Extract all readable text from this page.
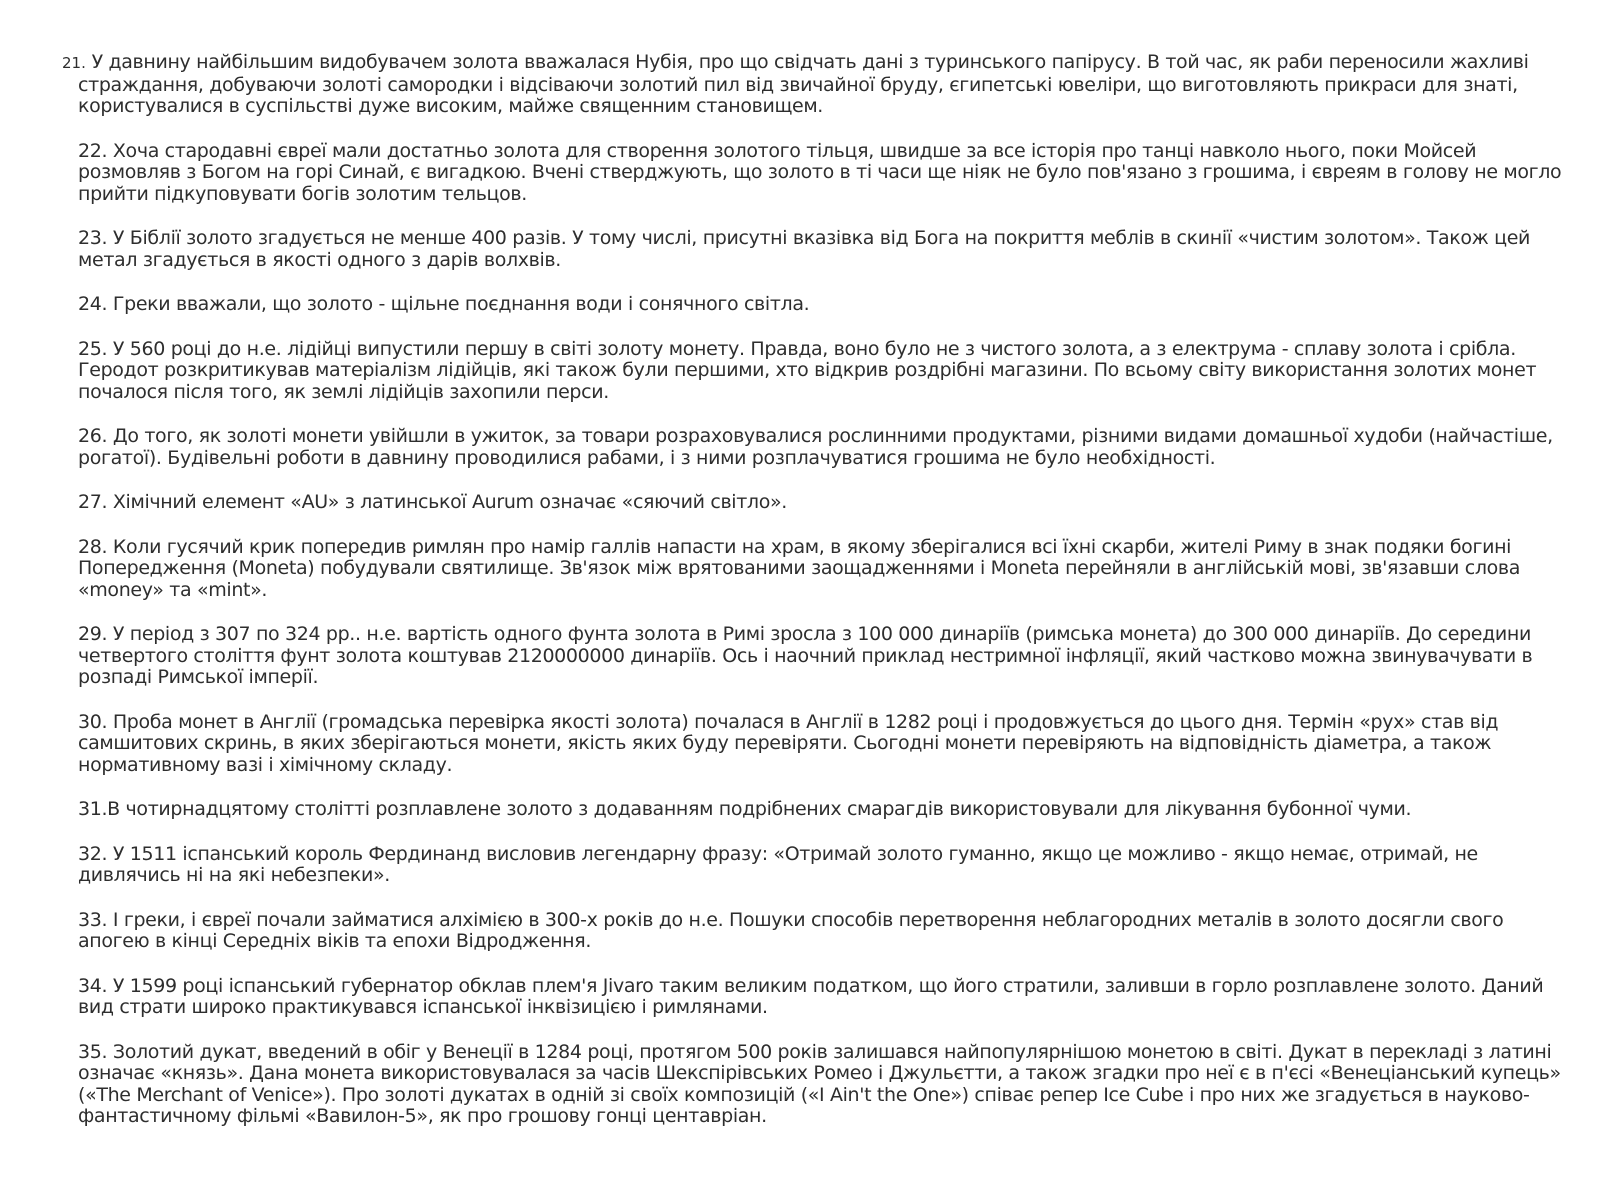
21. У давнину найбільшим видобувачем золота вважалася Нубія, про що свідчать дані з туринського папірусу. В той час, як раби переносили жахливі страждання, добуваючи золоті самородки і відсіваючи золотий пил від звичайної бруду, єгипетські ювеліри, що виготовляють прикраси для знаті, користувалися в суспільстві дуже високим, майже священним становищем.

22. Хоча стародавні євреї мали достатньо золота для створення золотого тільця, швидше за все історія про танці навколо нього, поки Мойсей розмовляв з Богом на горі Синай, є вигадкою. Вчені стверджують, що золото в ті часи ще ніяк не було пов'язано з грошима, і євреям в голову не могло прийти підкуповувати богів золотим тельцов.

23. У Біблії золото згадується не менше 400 разів. У тому числі, присутні вказівка від Бога на покриття меблів в скинії «чистим золотом». Також цей метал згадується в якості одного з дарів волхвів.

24. Греки вважали, що золото - щільне поєднання води і сонячного світла.

25. У 560 році до н.е. лідійці випустили першу в світі золоту монету. Правда, воно було не з чистого золота, а з електрума - сплаву золота і срібла. Геродот розкритикував матеріалізм лідійців, які також були першими, хто відкрив роздрібні магазини. По всьому світу використання золотих монет почалося після того, як землі лідійців захопили перси.

26. До того, як золоті монети увійшли в ужиток, за товари розраховувалися рослинними продуктами, різними видами домашньої худоби (найчастіше, рогатої). Будівельні роботи в давнину проводилися рабами, і з ними розплачуватися грошима не було необхідності.

27. Хімічний елемент «AU» з латинської Aurum означає «сяючий світло».

28. Коли гусячий крик попередив римлян про намір галлів напасти на храм, в якому зберігалися всі їхні скарби, жителі Риму в знак подяки богині Попередження (Moneta) побудували святилище. Зв'язок між врятованими заощадженнями і Moneta перейняли в англійській мові, зв'язавши слова «money» та «mint».

29. У період з 307 по 324 рр.. н.е. вартість одного фунта золота в Римі зросла з 100 000 динаріїв (римська монета) до 300 000 динаріїв. До середини четвертого століття фунт золота коштував 2120000000 динаріїв. Ось і наочний приклад нестримної інфляції, який частково можна звинувачувати в розпаді Римської імперії.

30. Проба монет в Англії (громадська перевірка якості золота) почалася в Англії в 1282 році і продовжується до цього дня. Термін «рух» став від самшитових скринь, в яких зберігаються монети, якість яких буду перевіряти. Сьогодні монети перевіряють на відповідність діаметра, а також нормативному вазі і хімічному складу.

31.В чотирнадцятому столітті розплавлене золото з додаванням подрібнених смарагдів використовували для лікування бубонної чуми.

32. У 1511 іспанський король Фердинанд висловив легендарну фразу: «Отримай золото гуманно, якщо це можливо - якщо немає, отримай, не дивлячись ні на які небезпеки».

33. І греки, і євреї почали займатися алхімією в 300-х років до н.е. Пошуки способів перетворення неблагородних металів в золото досягли свого апогею в кінці Середніх віків та епохи Відродження.

34. У 1599 році іспанський губернатор обклав плем'я Jivaro таким великим податком, що його стратили, заливши в горло розплавлене золото. Даний вид страти широко практикувався іспанської інквізицією і римлянами.

35. Золотий дукат, введений в обіг у Венеції в 1284 році, протягом 500 років залишався найпопулярнішою монетою в світі. Дукат в перекладі з латині означає «князь». Дана монета використовувалася за часів Шекспірівських Ромео і Джульєтти, а також згадки про неї є в п'єсі «Венеціанський купець» («The Merchant of Venice»). Про золоті дукатах в одній зі своїх композицій («I Ain't the One») співає репер Ice Cube і про них же згадується в науково-фантастичному фільмі «Вавилон-5», як про грошову гонці центавріан.
